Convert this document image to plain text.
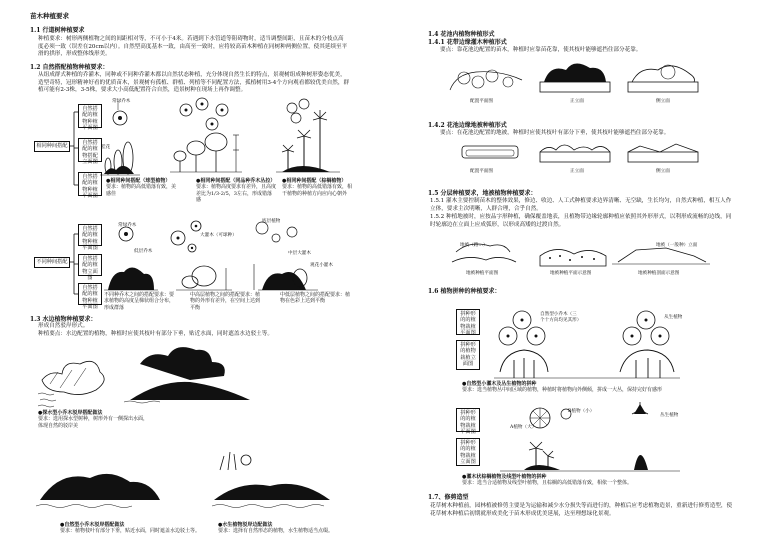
苗木种植要求
1.1 行道树种植要求
种植要求：树形两侧植物之间的间距相对等，不可小于4米。若遇到下水管道等阻碍物时，适当调整间距，且苗木的分枝点高度必须一致（误差在20cm以内）。自然型高度基本一致，由高至一致时，应将较高苗木种植在同树种两侧位置，使其延续至平滑的拱形，形成整体线形美。
1.2 自然搭配植物种植要求：
从组成群式种植的乔灌木，同种或不同种乔灌木都以自然状态种植，充分体现自然生长的特点，景观树组成种树形姿态优美，造型奇特，冠形精神好看的优质苗木，景观树有孤植、群植、列植等不同配置方法，孤植树用3-4个方向观看都较优美自然，群植可能有2-3株，3-5株，要求大小高低配置符合自然，造景树种在现场上再作调整。
相同种间搭配
自然搭配的植物种植平面图
自然搭配的植物搭配立面图
自然搭配的植物种植平面图
常绿乔木
桂花
●相同种间搭配（球型植物）
要求：植物的高低错落有致，美感佳
●相同种间搭配（同品种乔木丛拉）
要求：植物高度要求有差异，且高度差比为1/3-2/5，3左右，形成错落感
●相同种间搭配（棕榈植物）
要求：植物的高低错落有致，相干植物的种植方向应向心朝外
不同种间搭配
自然搭配的植物种植平面图
自然搭配的植物立面图
自然搭配的植物种植平面图
常绿乔木
大灌木（可球种）
中层大灌木
底层植物
观花小灌木
低层乔木
不同种乔木之间的搭配要求：要求植物的高度呈梯状组合分布，形成群落
中高层植物之间的搭配要求：植物的外形有差异，在空间上达到平衡
中低层植物之间的搭配要求：植物在色彩上达到平衡
1.3 水边植物种植要求：
形成自然驳岸形式。
种植要点：水边配置的植物，种植时应使其枝叶有部分下垂，贴近水面，同时遮盖水边驳土等。
●探水型小乔木驳岸搭配做法
要求：选用探水型树种，树形外有一侧探出水面，体现自然的驳岸美
●自然型小乔木驳岸搭配做法
要求：植物枝叶有部分下垂，贴近水面，同时遮盖水边驳土等。
●水生植物驳岸边配做法
要求：选择有自然形态的植物，水生植物适当点缀。
1.4 花池内植物种植形式
1.4.1 花带边缘灌木种植形式
要点：靠花池边配置的苗木，种植时应靠苗花靠，使其枝叶能够遮挡住部分花靠。
配置平面图	正立面	侧立面
1.4.2 花池边缘地被种植形式
要点：在花池边配置的地被，种植时应使其枝叶有部分下垂，使其枝叶能够遮挡住部分花靠。
配置平面图	正立面	侧立面
1.5 分层种植要求，地被植物种植要求：
1.5.1 灌木主要控制苗木的整体效果，修边、收边、人工式种植要求边界清晰、无空缺，生长均匀，自然式种植，相互人作立体，要求主次明晰，人群合理，合乎自然。
1.5.2 种植地被时，应按品字形种植，确保覆盖地表，且植物带边缘轮廓种植应依照其外形形式，以利形成流畅的边线，同时轮廓边在立面上应成弧形，以形成高矮的过渡自然。
地被（路…）	地被（一般种）立面
地被种植平面图	地被种植平面示意图	地被种植剖面示意图
1.6 植物拼种的种植要求：
拼种形的的植物栽植平面图
拼种形的植物栽植立面图
自然型小乔木（三个十方向均见其形）	从生植物
●自然型小灌木及丛生植物的拼种
要求：选当植物丛中间区域的植物，种植时将植物向外侧倾，拼成一大丛，保持完好有感形
拼种形的的植物栽植平面图
拼种形的的植物栽植立面图
A植物（大）
B植物（小）
丛生植物
●灌木状棕榈植物及线型叶植物的拼种
要求：选当合适植物及线型叶植物，且棕榈的高低错落有致，相依一个整体。
1.7、修剪造型
花草树木种植前，园林植被修剪主要是为运输和减少水分损失等而进行的，种植后应考虑植物造景，重新进行修剪造型，使花草树木种植后初期就形成美化于苗木形成优美延展，达至理想绿化景观。
